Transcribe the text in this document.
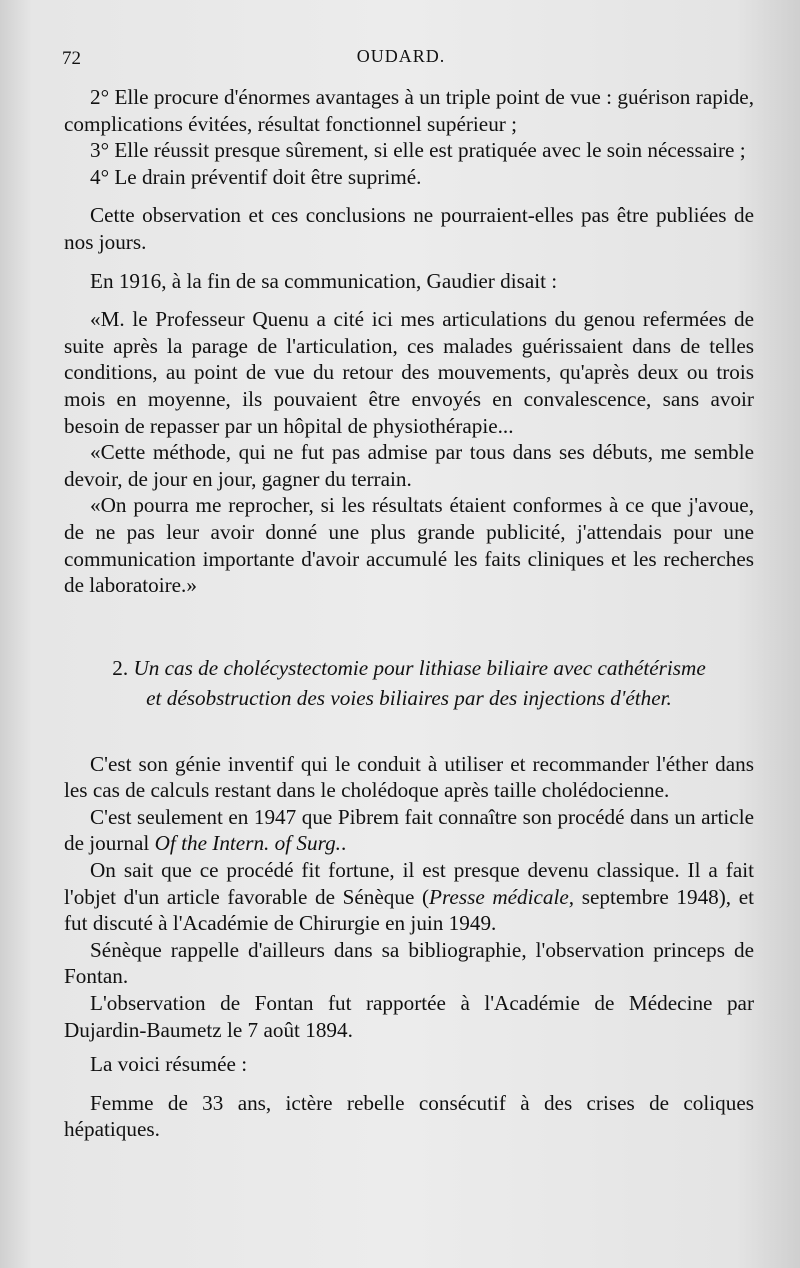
72	OUDARD.

2° Elle procure d'énormes avantages à un triple point de vue : guérison rapide, complications évitées, résultat fonctionnel supérieur ;

3° Elle réussit presque sûrement, si elle est pratiquée avec le soin nécessaire ;

4° Le drain préventif doit être suprimé.

Cette observation et ces conclusions ne pourraient-elles pas être publiées de nos jours.

En 1916, à la fin de sa communication, Gaudier disait :

«M. le Professeur Quenu a cité ici mes articulations du genou refermées de suite après la parage de l'articulation, ces malades guérissaient dans de telles conditions, au point de vue du retour des mouvements, qu'après deux ou trois mois en moyenne, ils pouvaient être envoyés en convalescence, sans avoir besoin de repasser par un hôpital de physiothérapie...

«Cette méthode, qui ne fut pas admise par tous dans ses débuts, me semble devoir, de jour en jour, gagner du terrain.

«On pourra me reprocher, si les résultats étaient conformes à ce que j'avoue, de ne pas leur avoir donné une plus grande publicité, j'attendais pour une communication importante d'avoir accumulé les faits cliniques et les recherches de laboratoire.»

2. Un cas de cholécystectomie pour lithiase biliaire avec cathétérisme
et désobstruction des voies biliaires par des injections d'éther.

C'est son génie inventif qui le conduit à utiliser et recommander l'éther dans les cas de calculs restant dans le cholédoque après taille cholédocienne.

C'est seulement en 1947 que Pibrem fait connaître son procédé dans un article de journal Of the Intern. of Surg..

On sait que ce procédé fit fortune, il est presque devenu classique. Il a fait l'objet d'un article favorable de Sénèque (Presse médicale, septembre 1948), et fut discuté à l'Académie de Chirurgie en juin 1949.

Sénèque rappelle d'ailleurs dans sa bibliographie, l'observation princeps de Fontan.

L'observation de Fontan fut rapportée à l'Académie de Médecine par Dujardin-Baumetz le 7 août 1894.

La voici résumée :

Femme de 33 ans, ictère rebelle consécutif à des crises de coliques hépatiques.
